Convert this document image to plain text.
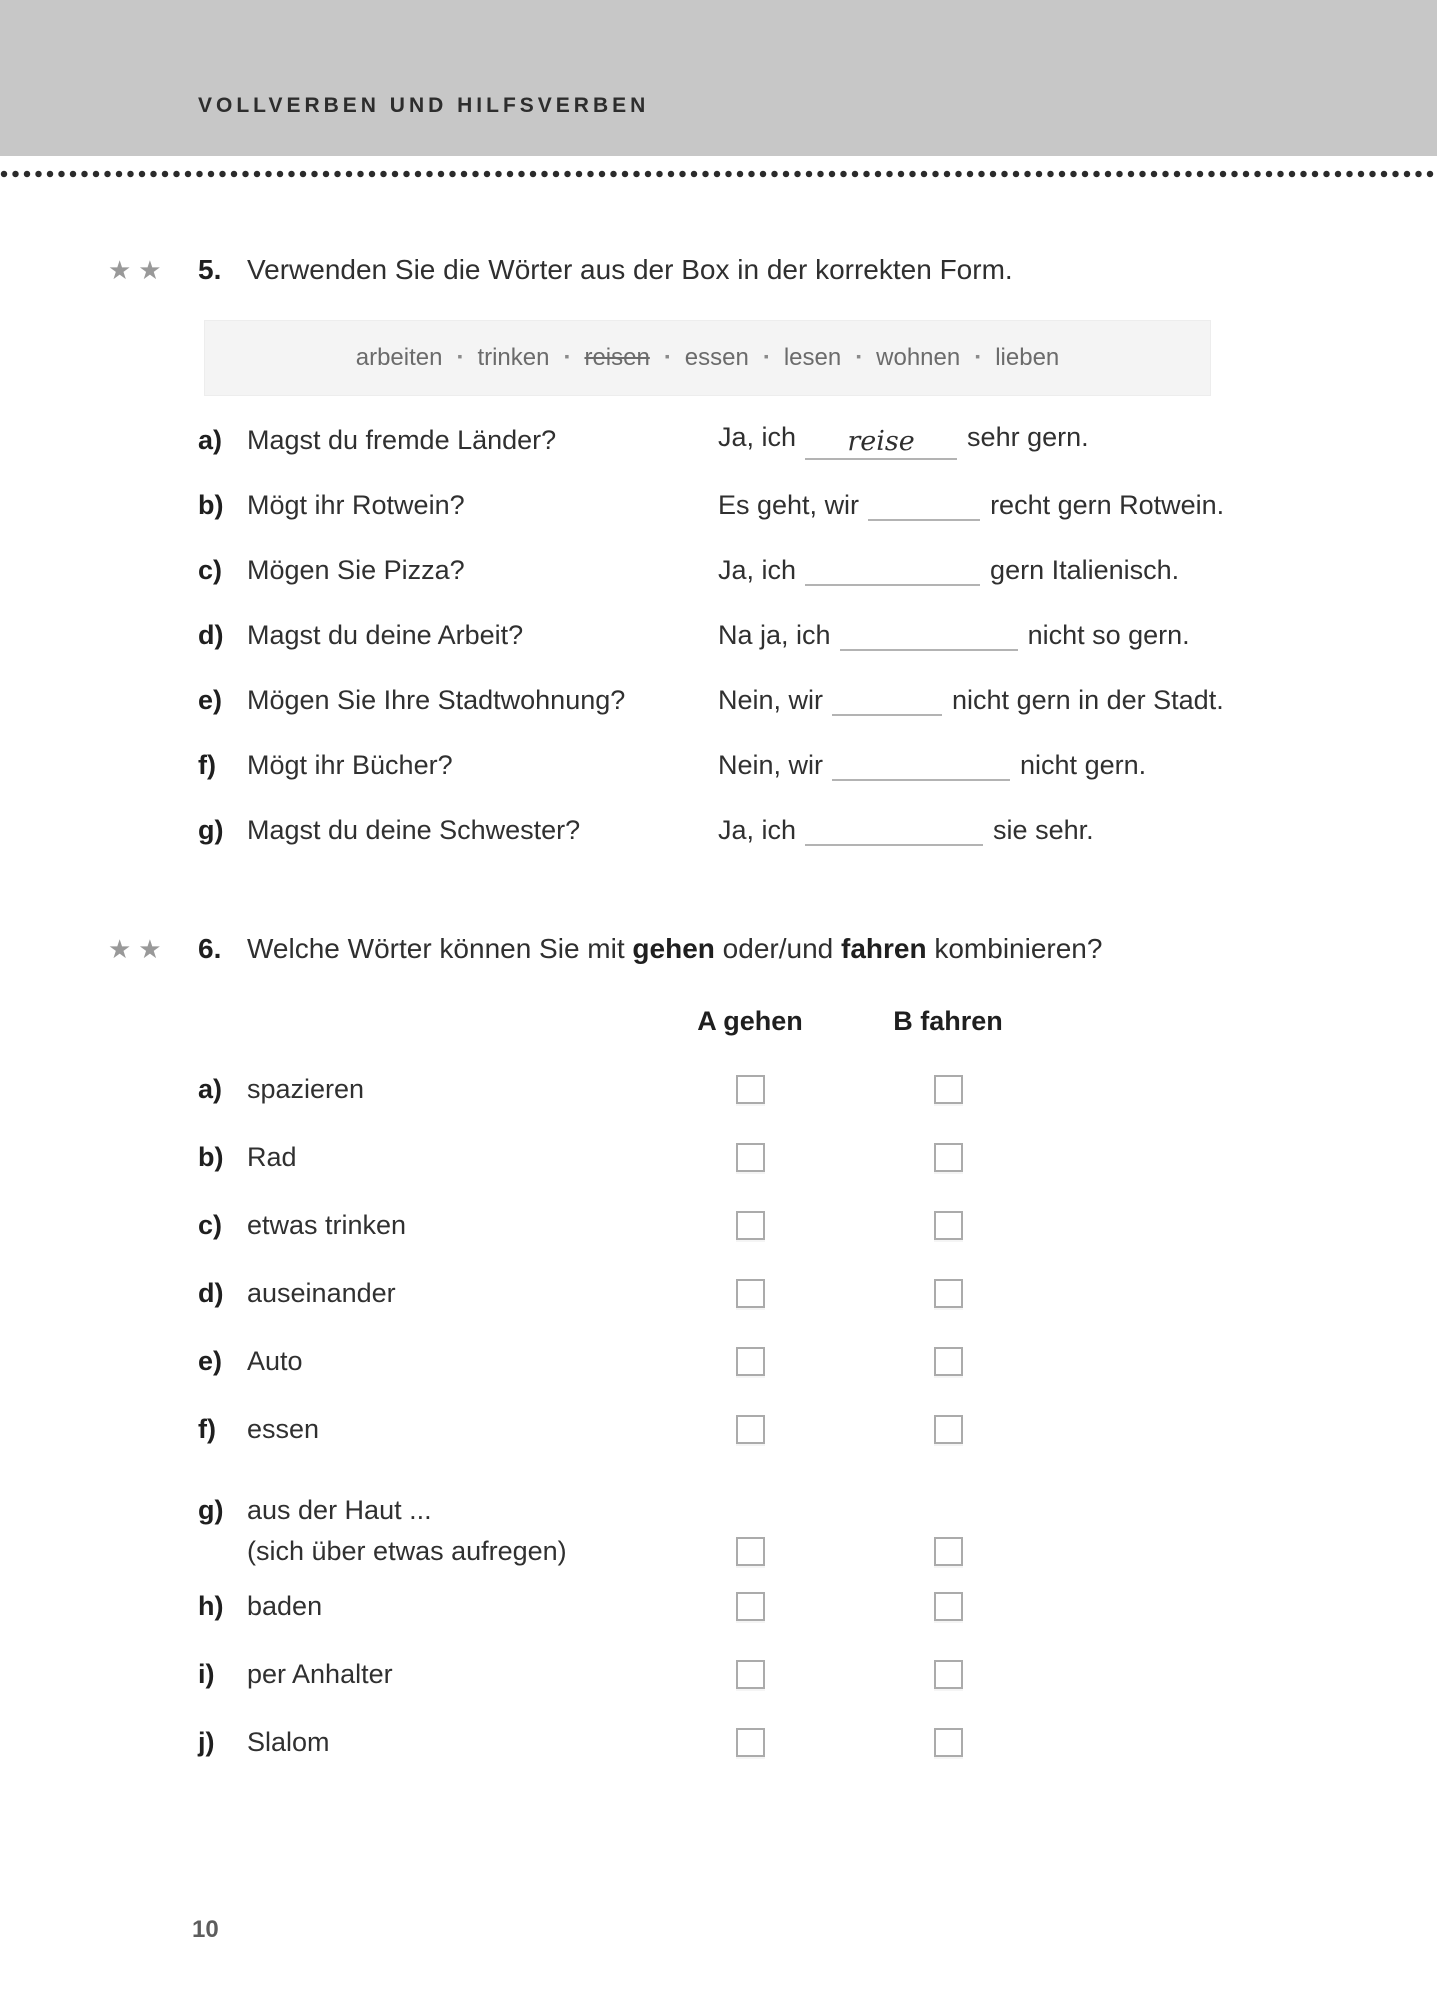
VOLLVERBEN UND HILFSVERBEN
★★	5. Verwenden Sie die Wörter aus der Box in der korrekten Form.
arbeiten ▪ trinken ▪ reisen ▪ essen ▪ lesen ▪ wohnen ▪ lieben
a) Magst du fremde Länder?	Ja, ich reise sehr gern.
b) Mögt ihr Rotwein?	Es geht, wir	recht gern Rotwein.
c) Mögen Sie Pizza?	Ja, ich	gern Italienisch.
d) Magst du deine Arbeit?	Na ja, ich	nicht so gern.
e) Mögen Sie Ihre Stadtwohnung?	Nein, wir	nicht gern in der Stadt.
f)	Mögt ihr Bücher?	Nein, wir	nicht gern.
g) Magst du deine Schwester?	Ja, ich	sie sehr.
★★	6. Welche Wörter können Sie mit gehen oder/und fahren kombinieren?
A gehen	B fahren
a) spazieren
b) Rad
c) etwas trinken
d) auseinander
e) Auto
f)	essen
g) aus der Haut ...
(sich über etwas aufregen)
h) baden
i)	per Anhalter
j)	Slalom
10
